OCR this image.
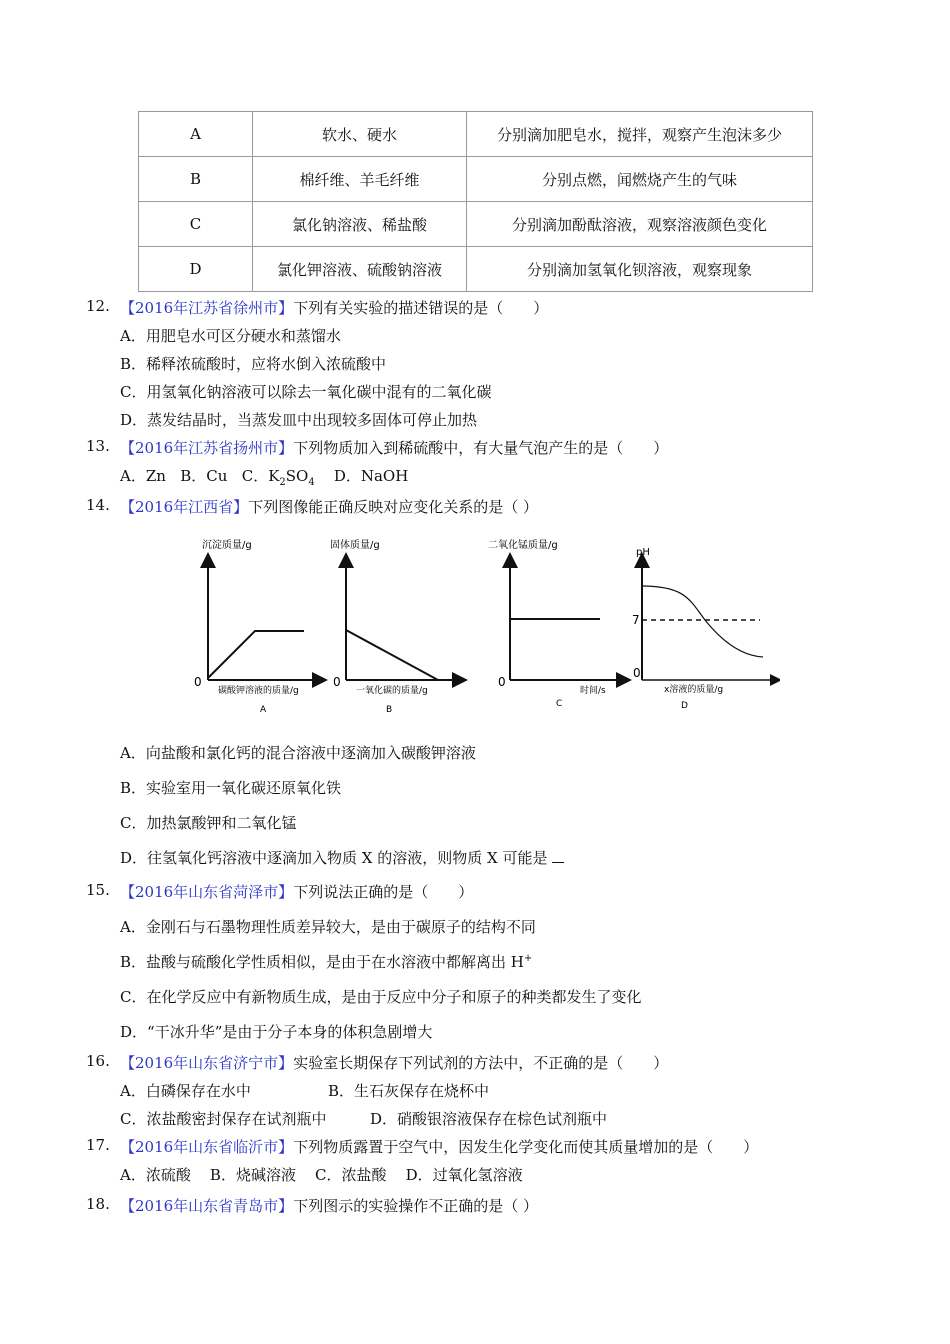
A	软水、硬水	分别滴加肥皂水，搅拌，观察产生泡沫多少
B	棉纤维、羊毛纤维	分别点燃，闻燃烧产生的气味
C	氯化钠溶液、稀盐酸	分别滴加酚酞溶液，观察溶液颜色变化
D	氯化钾溶液、硫酸钠溶液	分别滴加氢氧化钡溶液，观察现象
12. 【2016年江苏省徐州市】下列有关实验的描述错误的是（　　）
A．用肥皂水可区分硬水和蒸馏水
B．稀释浓硫酸时，应将水倒入浓硫酸中
C．用氢氧化钠溶液可以除去一氧化碳中混有的二氧化碳
D．蒸发结晶时，当蒸发皿中出现较多固体可停止加热
13. 【2016年江苏省扬州市】下列物质加入到稀硫酸中，有大量气泡产生的是（　　）
A．Zn B．Cu C．$K_2SO_4$ D．NaOH
14. 【2016年江西省】下列图像能正确反映对应变化关系的是（ ）
沉淀质量/g
0
碳酸钾溶液的质量/g
A
固体质量/g
0
一氧化碳的质量/g
B
二氧化锰质量/g
0
时间/s
C
pH
7
0
x溶液的质量/g
D
A．向盐酸和氯化钙的混合溶液中逐滴加入碳酸钾溶液
B．实验室用一氧化碳还原氧化铁
C．加热氯酸钾和二氧化锰
D．往氢氧化钙溶液中逐滴加入物质 X 的溶液，则物质 X 可能是
15. 【2016年山东省菏泽市】下列说法正确的是（　　）
A．金刚石与石墨物理性质差异较大，是由于碳原子的结构不同
B．盐酸与硫酸化学性质相似，是由于在水溶液中都解离出 H+
C．在化学反应中有新物质生成，是由于反应中分子和原子的种类都发生了变化
D．“干冰升华”是由于分子本身的体积急剧增大
16. 【2016年山东省济宁市】实验室长期保存下列试剂的方法中，不正确的是（　　）
A．白磷保存在水中	B．生石灰保存在烧杯中
C．浓盐酸密封保存在试剂瓶中	D．硝酸银溶液保存在棕色试剂瓶中
17. 【2016年山东省临沂市】下列物质露置于空气中，因发生化学变化而使其质量增加的是（　　）
A．浓硫酸 B．烧碱溶液 C．浓盐酸 D．过氧化氢溶液
18. 【2016年山东省青岛市】下列图示的实验操作不正确的是（ ）
